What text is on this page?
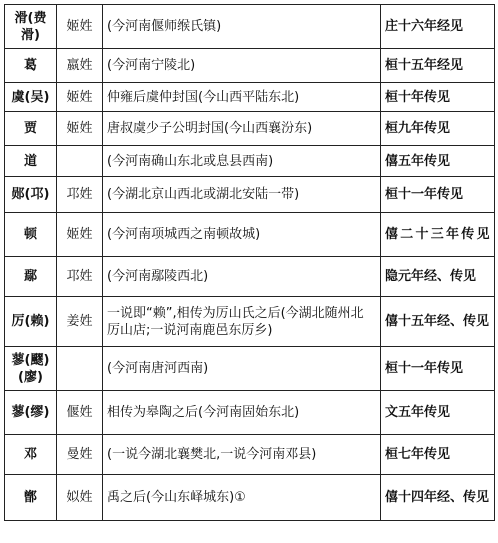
滑(费滑)	姬姓	(今河南偃师缑氏镇)	庄十六年经见
葛	嬴姓	(今河南宁陵北)	桓十五年经见
虞(吴)	姬姓	仲雍后虞仲封国(今山西平陆东北)	桓十年传见
贾	姬姓	唐叔虞少子公明封国(今山西襄汾东)	桓九年传见
道		(今河南确山东北或息县西南)	僖五年传见
郧(邛)	邛姓	(今湖北京山西北或湖北安陆一带)	桓十一年传见
顿	姬姓	(今河南项城西之南顿故城)	僖二十三年传见
鄢	邛姓	(今河南鄢陵西北)	隐元年经、传见
厉(赖)	姜姓	一说即“赖”,相传为厉山氏之后(今湖北随州北厉山店;一说河南鹿邑东厉乡)	僖十五年经、传见
蓼(飂)(廖)		(今河南唐河西南)	桓十一年传见
蓼(缪)	偃姓	相传为皋陶之后(今河南固始东北)	文五年传见
邓	曼姓	(一说今湖北襄樊北,一说今河南邓县)	桓七年传见
鄫	姒姓	禹之后(今山东峄城东)①	僖十四年经、传见
